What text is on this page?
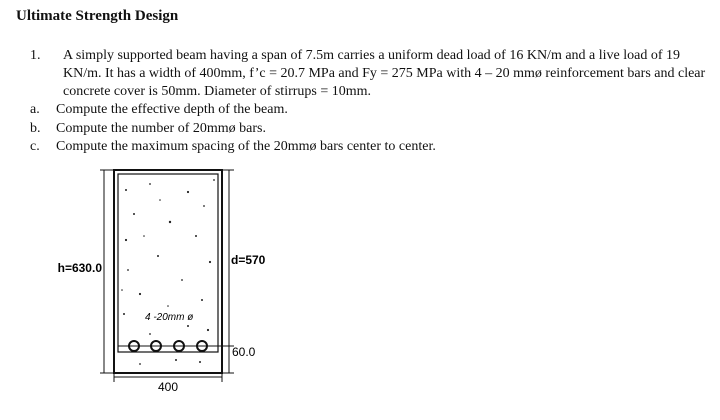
Ultimate Strength Design
1. A simply supported beam having a span of 7.5m carries a uniform dead load of 16 KN/m and a live load of 19 KN/m. It has a width of 400mm, f’c = 20.7 MPa and Fy = 275 MPa with 4 – 20 mmø reinforcement bars and clear concrete cover is 50mm. Diameter of stirrups = 10mm.
a. Compute the effective depth of the beam.
b. Compute the number of 20mmø bars.
c. Compute the maximum spacing of the 20mmø bars center to center.
4 -20mm ø
h=630.0
d=570
60.0
400
